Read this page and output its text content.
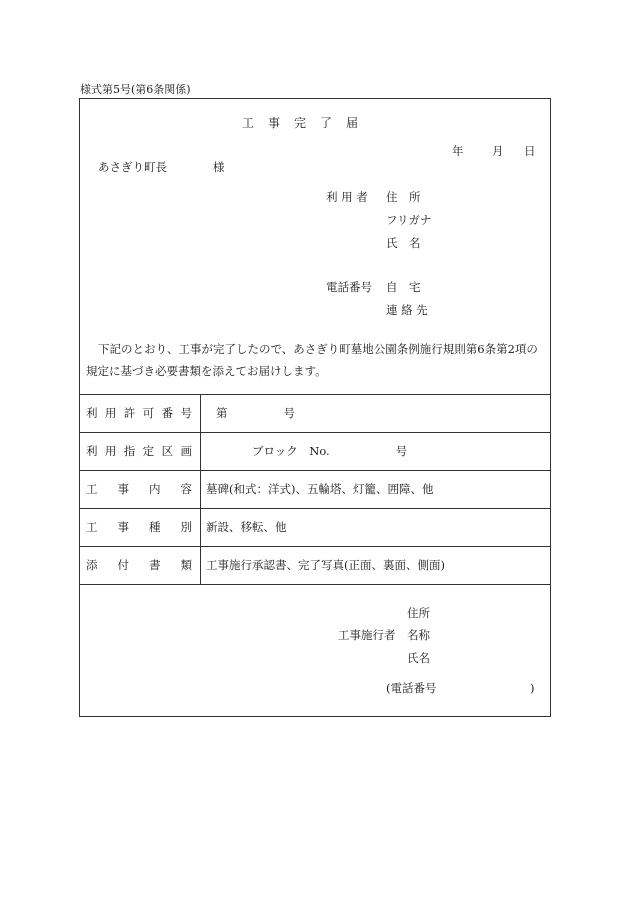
様式第5号(第6条関係)
工　事　完　了　届
年 月 日
あさぎり町長	様
利 用 者 住　所
フリガナ
氏　名
電話番号 自　宅
連 絡 先
下記のとおり、工事が完了したので、あさぎり町墓地公園条例施行規則第6条第2項の
規定に基づき必要書類を添えてお届けします。
利 用 許 可 番 号 第	号
利 用 指 定 区 画	ブロック　No.	号
工 事 内 容 墓碑(和式：洋式)、五輪塔、灯籠、囲障、他
工 事 種 別 新設、移転、他
添 付 書 類 工事施行承認書、完了写真(正面、裏面、側面)
住所
工事施行者 名称
氏名
(電話番号	)
